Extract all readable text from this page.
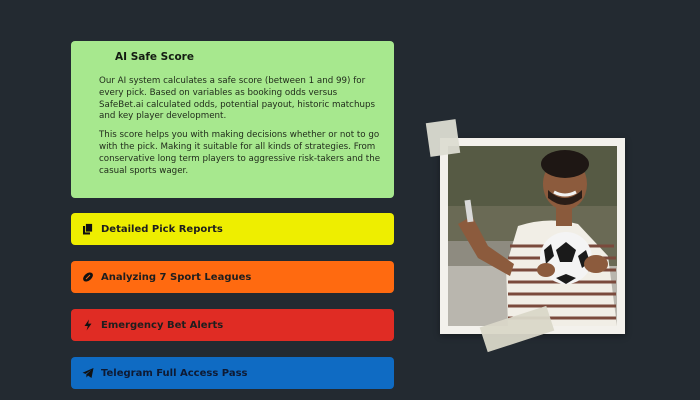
AI Safe Score

Our AI system calculates a safe score (between 1 and 99) for every pick. Based on variables as booking odds versus SafeBet.ai calculated odds, potential payout, historic matchups and key player development.

This score helps you with making decisions whether or not to go with the pick. Making it suitable for all kinds of strategies. From conservative long term players to aggressive risk-takers and the casual sports wager.

Detailed Pick Reports
Analyzing 7 Sport Leagues
Emergency Bet Alerts
Telegram Full Access Pass
